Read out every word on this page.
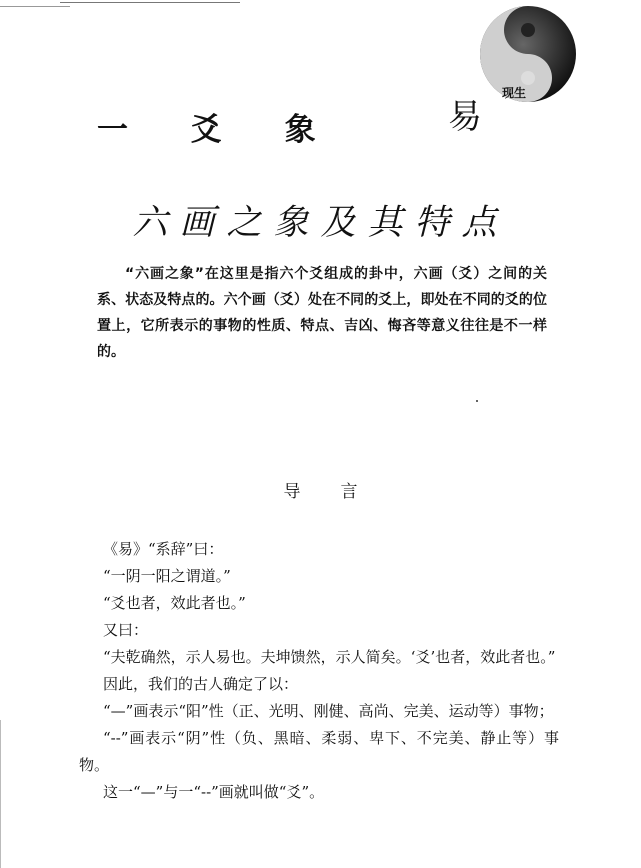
现生
易
一 爻 象
六画之象及其特点
“六画之象”在这里是指六个爻组成的卦中，六画（爻）之间的关系、状态及特点的。六个画（爻）处在不同的爻上，即处在不同的爻的位置上，它所表示的事物的性质、特点、吉凶、悔吝等意义往往是不一样的。
导言

《易》“系辞”曰：

“一阴一阳之谓道。”

“爻也者，效此者也。”

又曰：

“夫乾确然，示人易也。夫坤馈然，示人简矣。‘爻’也者，效此者也。”

因此，我们的古人确定了以：

“—”画表示“阳”性（正、光明、刚健、高尚、完美、运动等）事物；

“--”画表示“阴”性（负、黑暗、柔弱、卑下、不完美、静止等）事物。

这一“—”与一“--”画就叫做“爻”。
